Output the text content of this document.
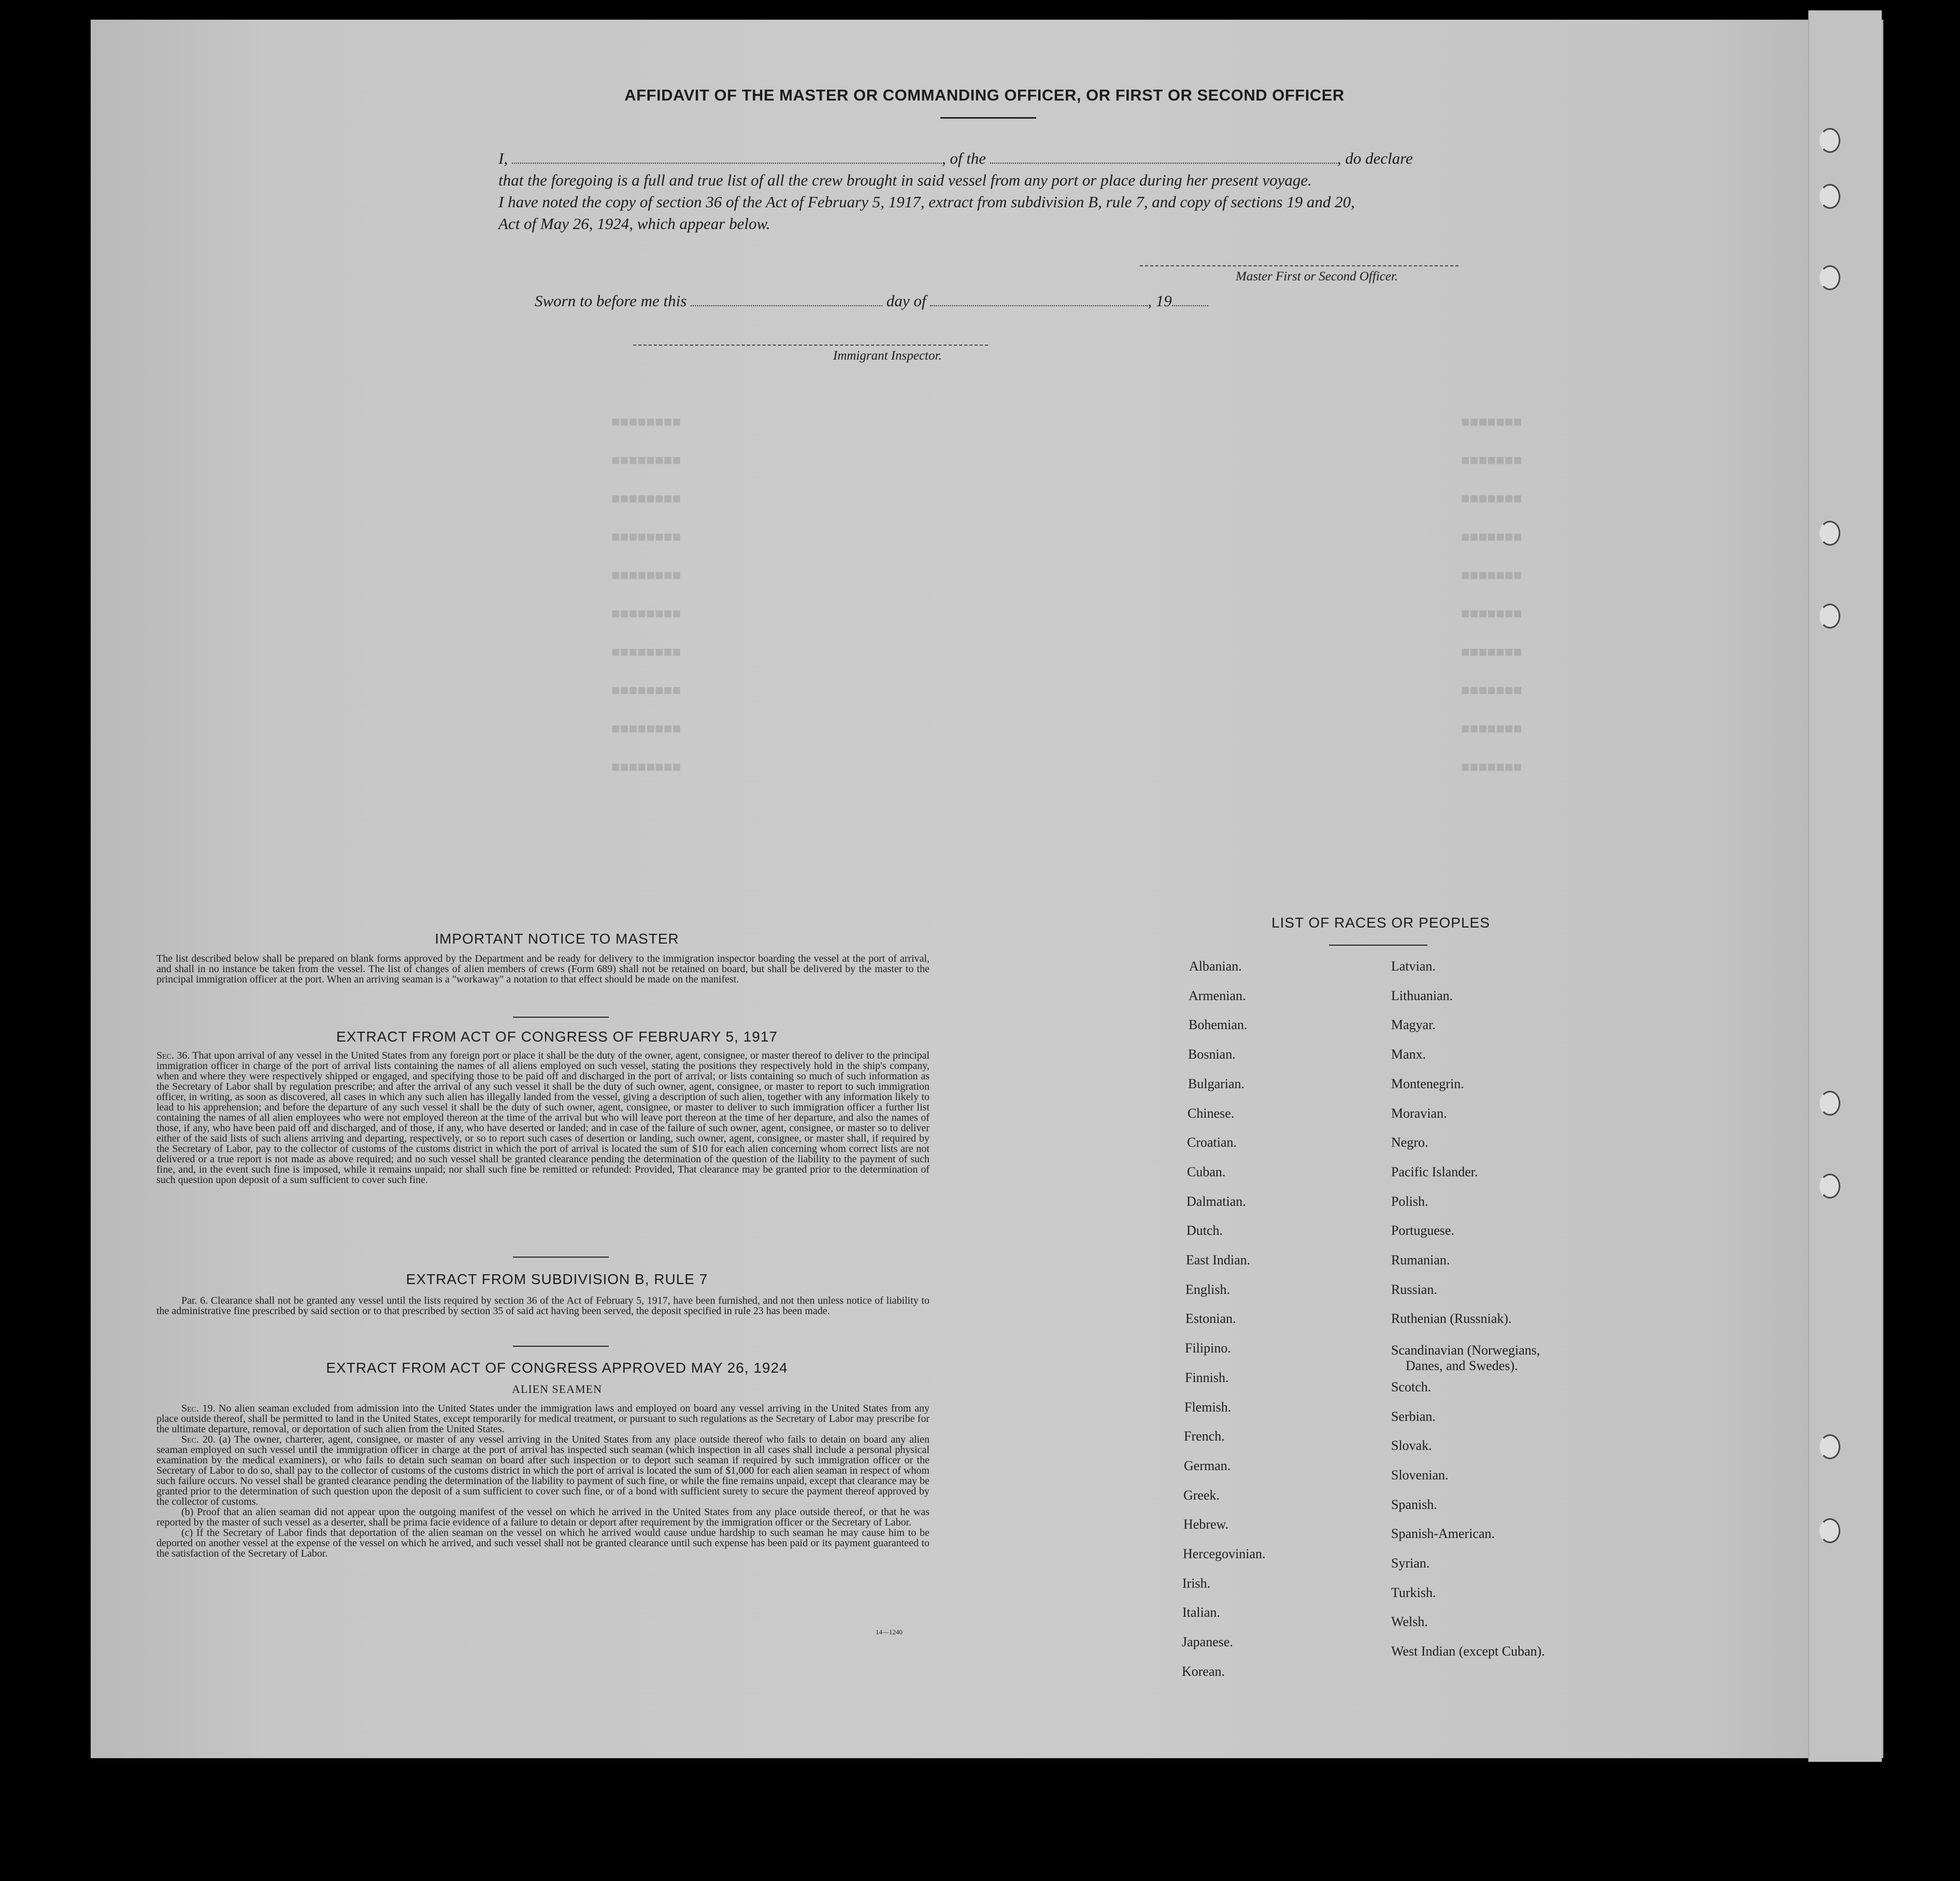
■■■■■■■■
■■■■■■■■
■■■■■■■■
■■■■■■■■
■■■■■■■■
■■■■■■■■
■■■■■■■■
■■■■■■■■
■■■■■■■■
■■■■■■■■
■■■■■■■
■■■■■■■
■■■■■■■
■■■■■■■
■■■■■■■
■■■■■■■
■■■■■■■
■■■■■■■
■■■■■■■
■■■■■■■
AFFIDAVIT OF THE MASTER OR COMMANDING OFFICER, OR FIRST OR SECOND OFFICER
I,	, of the	, do declare
that the foregoing is a full and true list of all the crew brought in said vessel from any port or place during her present voyage.
I have noted the copy of section 36 of the Act of February 5, 1917, extract from subdivision B, rule 7, and copy of sections 19 and 20,
Act of May 26, 1924, which appear below.
Master First or Second Officer.
Sworn to before me this	day of	, 19
Immigrant Inspector.
IMPORTANT NOTICE TO MASTER
The list described below shall be prepared on blank forms approved by the Department and be ready for delivery to the immigration inspector boarding the vessel at the port of arrival, and shall in no instance be taken from the vessel. The list of changes of alien members of crews (Form 689) shall not be retained on board, but shall be delivered by the master to the principal immigration officer at the port. When an arriving seaman is a "workaway" a notation to that effect should be made on the manifest.
EXTRACT FROM ACT OF CONGRESS OF FEBRUARY 5, 1917
Sec. 36. That upon arrival of any vessel in the United States from any foreign port or place it shall be the duty of the owner, agent, consignee, or master thereof to deliver to the principal immigration officer in charge of the port of arrival lists containing the names of all aliens employed on such vessel, stating the positions they respectively hold in the ship's company, when and where they were respectively shipped or engaged, and specifying those to be paid off and discharged in the port of arrival; or lists containing so much of such information as the Secretary of Labor shall by regulation prescribe; and after the arrival of any such vessel it shall be the duty of such owner, agent, consignee, or master to report to such immigration officer, in writing, as soon as discovered, all cases in which any such alien has illegally landed from the vessel, giving a description of such alien, together with any information likely to lead to his apprehension; and before the departure of any such vessel it shall be the duty of such owner, agent, consignee, or master to deliver to such immigration officer a further list containing the names of all alien employees who were not employed thereon at the time of the arrival but who will leave port thereon at the time of her departure, and also the names of those, if any, who have been paid off and discharged, and of those, if any, who have deserted or landed; and in case of the failure of such owner, agent, consignee, or master so to deliver either of the said lists of such aliens arriving and departing, respectively, or so to report such cases of desertion or landing, such owner, agent, consignee, or master shall, if required by the Secretary of Labor, pay to the collector of customs of the customs district in which the port of arrival is located the sum of $10 for each alien concerning whom correct lists are not delivered or a true report is not made as above required; and no such vessel shall be granted clearance pending the determination of the question of the liability to the payment of such fine, and, in the event such fine is imposed, while it remains unpaid; nor shall such fine be remitted or refunded: Provided, That clearance may be granted prior to the determination of such question upon deposit of a sum sufficient to cover such fine.
EXTRACT FROM SUBDIVISION B, RULE 7
Par. 6. Clearance shall not be granted any vessel until the lists required by section 36 of the Act of February 5, 1917, have been furnished, and not then unless notice of liability to the administrative fine prescribed by said section or to that prescribed by section 35 of said act having been served, the deposit specified in rule 23 has been made.
EXTRACT FROM ACT OF CONGRESS APPROVED MAY 26, 1924
ALIEN SEAMEN
Sec. 19. No alien seaman excluded from admission into the United States under the immigration laws and employed on board any vessel arriving in the United States from any place outside thereof, shall be permitted to land in the United States, except temporarily for medical treatment, or pursuant to such regulations as the Secretary of Labor may prescribe for the ultimate departure, removal, or deportation of such alien from the United States.
Sec. 20. (a) The owner, charterer, agent, consignee, or master of any vessel arriving in the United States from any place outside thereof who fails to detain on board any alien seaman employed on such vessel until the immigration officer in charge at the port of arrival has inspected such seaman (which inspection in all cases shall include a personal physical examination by the medical examiners), or who fails to detain such seaman on board after such inspection or to deport such seaman if required by such immigration officer or the Secretary of Labor to do so, shall pay to the collector of customs of the customs district in which the port of arrival is located the sum of $1,000 for each alien seaman in respect of whom such failure occurs. No vessel shall be granted clearance pending the determination of the liability to payment of such fine, or while the fine remains unpaid, except that clearance may be granted prior to the determination of such question upon the deposit of a sum sufficient to cover such fine, or of a bond with sufficient surety to secure the payment thereof approved by the collector of customs.
(b) Proof that an alien seaman did not appear upon the outgoing manifest of the vessel on which he arrived in the United States from any place outside thereof, or that he was reported by the master of such vessel as a deserter, shall be prima facie evidence of a failure to detain or deport after requirement by the immigration officer or the Secretary of Labor.
(c) If the Secretary of Labor finds that deportation of the alien seaman on the vessel on which he arrived would cause undue hardship to such seaman he may cause him to be deported on another vessel at the expense of the vessel on which he arrived, and such vessel shall not be granted clearance until such expense has been paid or its payment guaranteed to the satisfaction of the Secretary of Labor.
14—1240
LIST OF RACES OR PEOPLES
Albanian.
Armenian.
Bohemian.
Bosnian.
Bulgarian.
Chinese.
Croatian.
Cuban.
Dalmatian.
Dutch.
East Indian.
English.
Estonian.
Filipino.
Finnish.
Flemish.
French.
German.
Greek.
Hebrew.
Hercegovinian.
Irish.
Italian.
Japanese.
Korean.
Latvian.
Lithuanian.
Magyar.
Manx.
Montenegrin.
Moravian.
Negro.
Pacific Islander.
Polish.
Portuguese.
Rumanian.
Russian.
Ruthenian (Russniak).
Scandinavian (Norwegians,
Danes, and Swedes).
Scotch.
Serbian.
Slovak.
Slovenian.
Spanish.
Spanish-American.
Syrian.
Turkish.
Welsh.
West Indian (except Cuban).
